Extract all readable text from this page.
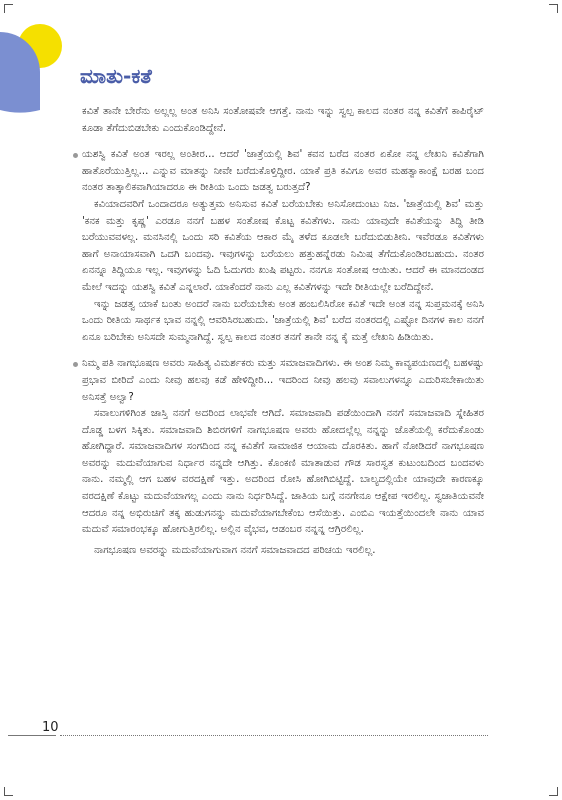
ಮಾತು-ಕತೆ

ಕವಿತೆ ತಾನೇ ಬೇರೆನು ಅಲ್ಲಲ್ಲ ಅಂತ ಅನಿಸಿ ಸಂತೋಷವೇ ಆಗತ್ತೆ. ನಾನು ಇನ್ನು ಸ್ವಲ್ಪ ಕಾಲದ ನಂತರ ನನ್ನ ಕವಿತೆಗೆ ಕಾಪಿರೈಟ್ ಕೂಡಾ ತೆಗೆದುಬಿಡಬೇಕು ಎಂದುಕೊಂಡಿದ್ದೇನೆ.

ಯಶಸ್ವಿ ಕವಿತೆ ಅಂತ ಇರಲ್ಲ ಅಂತೀರ... ಆದರೆ 'ಜಾತ್ರೆಯಲ್ಲಿ ಶಿವ' ಕವನ ಬರೆದ ನಂತರ ಏಕೋ ನನ್ನ ಲೇಖನಿ ಕವಿತೆಗಾಗಿ ಹಾತೊರೆಯುತ್ತಿಲ್ಲ... ಎನ್ನುವ ಮಾತನ್ನು ನೀವೇ ಬರೆದುಕೊಳ್ತಿದ್ದೀರ. ಯಾಕೆ ಪ್ರತಿ ಕವಿಗೂ ಅವರ ಮಹತ್ವಾಕಾಂಕ್ಷೆ ಬರಹ ಬಂದ ನಂತರ ತಾತ್ಕಾಲಿಕವಾಗಿಯಾದರೂ ಈ ರೀತಿಯ ಒಂದು ಜಡತ್ವ ಬರುತ್ತದೆ?

ಕವಿಯಾದವರಿಗೆ ಒಂದಾದರೂ ಅತ್ಯುತ್ತಮ ಅನಿಸುವ ಕವಿತೆ ಬರೆಯಬೇಕು ಅನಿಸೋದುಂಟು ನಿಜ. 'ಜಾತ್ರೆಯಲ್ಲಿ ಶಿವ' ಮತ್ತು 'ಕನಕ ಮತ್ತು ಕೃಷ್ಣ' ಎರಡೂ ನನಗೆ ಬಹಳ ಸಂತೋಷ ಕೊಟ್ಟ ಕವಿತೆಗಳು. ನಾನು ಯಾವುದೇ ಕವಿತೆಯನ್ನು ತಿದ್ದಿ ತೀಡಿ ಬರೆಯುವವಳಲ್ಲ. ಮನಸಿನಲ್ಲಿ ಒಂದು ಸರಿ ಕವಿತೆಯ ಆಕಾರ ಮೈ ತಳೆದ ಕೂಡಲೇ ಬರೆದುಬಿಡುತೀನಿ. ಇವೆರಡೂ ಕವಿತೆಗಳು ಹಾಗೆ ಅನಾಯಾಸವಾಗಿ ಒದಗಿ ಬಂದವು. ಇವುಗಳನ್ನು ಬರೆಯಲು ಹತ್ತುಹನ್ನೆರಡು ನಿಮಿಷ ತೆಗೆದುಕೊಂಡಿರಬಹುದು. ನಂತರ ಏನನ್ನೂ ತಿದ್ದಿಯೂ ಇಲ್ಲ. ಇವುಗಳನ್ನು ಓದಿ ಓದುಗರು ಖುಷಿ ಪಟ್ಟರು. ನನಗೂ ಸಂತೋಷ ಆಯಿತು. ಆದರೆ ಈ ಮಾನದಂಡದ ಮೇಲೆ ಇದನ್ನು ಯಶಸ್ವಿ ಕವಿತೆ ಎನ್ನಲಾರೆ. ಯಾಕೆಂದರೆ ನಾನು ಎಲ್ಲ ಕವಿತೆಗಳನ್ನು ಇದೇ ರೀತಿಯಲ್ಲೇ ಬರೆದಿದ್ದೇನೆ.

ಇನ್ನು ಜಡತ್ವ ಯಾಕೆ ಬಂತು ಅಂದರೆ ನಾನು ಬರೆಯಬೇಕು ಅಂತ ಹಂಬಲಿಸಿರೋ ಕವಿತೆ ಇದೇ ಅಂತ ನನ್ನ ಸುಪ್ತಮನಕ್ಕೆ ಅನಿಸಿ ಒಂದು ರೀತಿಯ ಸಾರ್ಥಕ ಭಾವ ನನ್ನಲ್ಲಿ ಆವರಿಸಿರಬಹುದು. 'ಜಾತ್ರೆಯಲ್ಲಿ ಶಿವ' ಬರೆದ ನಂತರದಲ್ಲಿ ಎಷ್ಟೋ ದಿನಗಳ ಕಾಲ ನನಗೆ ಏನೂ ಬರಿಬೇಕು ಅನಿಸದೇ ಸುಮ್ಮನಾಗಿದ್ದೆ. ಸ್ವಲ್ಪ ಕಾಲದ ನಂತರ ತನಗೆ ತಾನೇ ನನ್ನ ಕೈ ಮತ್ತೆ ಲೇಖನಿ ಹಿಡಿಯಿತು.

ನಿಮ್ಮ ಪತಿ ನಾಗಭೂಷಣ ಅವರು ಸಾಹಿತ್ಯ ವಿಮರ್ಶಕರು ಮತ್ತು ಸಮಾಜವಾದಿಗಳು. ಈ ಅಂಶ ನಿಮ್ಮ ಕಾವ್ಯಪಯಣದಲ್ಲಿ ಬಹಳಷ್ಟು ಪ್ರಭಾವ ಬೀರಿದೆ ಎಂದು ನೀವು ಹಲವು ಕಡೆ ಹೇಳಿದ್ದೀರಿ... ಇದರಿಂದ ನೀವು ಹಲವು ಸವಾಲುಗಳನ್ನೂ ಎದುರಿಸಬೇಕಾಯಿತು ಅನಿಸತ್ತೆ ಅಲ್ವಾ?

ಸವಾಲುಗಳಿಗಿಂತ ಜಾಸ್ತಿ ನನಗೆ ಅದರಿಂದ ಲಾಭವೇ ಆಗಿದೆ. ಸಮಾಜವಾದಿ ಪಡೆಯಿಂದಾಗಿ ನನಗೆ ಸಮಾಜವಾದಿ ಸ್ನೇಹಿತರ ದೊಡ್ಡ ಬಳಗ ಸಿಕ್ಕಿತು. ಸಮಾಜವಾದಿ ಶಿಬಿರಗಳಿಗೆ ನಾಗಭೂಷಣ ಅವರು ಹೋದಲ್ಲೆಲ್ಲ ನನ್ನನ್ನು ಜೊತೆಯಲ್ಲಿ ಕರೆದುಕೊಂಡು ಹೋಗಿದ್ದಾರೆ. ಸಮಾಜವಾದಿಗಳ ಸಂಗದಿಂದ ನನ್ನ ಕವಿತೆಗೆ ಸಾಮಾಜಿಕ ಆಯಾಮ ದೊರಕಿತು. ಹಾಗೆ ನೋಡಿದರೆ ನಾಗಭೂಷಣ ಅವರನ್ನು ಮದುವೆಯಾಗುವ ನಿರ್ಧಾರ ನನ್ನದೇ ಆಗಿತ್ತು. ಕೊಂಕಣಿ ಮಾತಾಡುವ ಗೌಡ ಸಾರಸ್ವತ ಕುಟುಂಬದಿಂದ ಬಂದವಳು ನಾನು. ನಮ್ಮಲ್ಲಿ ಆಗ ಬಹಳ ವರದಕ್ಷಿಣೆ ಇತ್ತು. ಅದರಿಂದ ರೋಸಿ ಹೋಗಿಬಿಟ್ಟಿದ್ದೆ. ಬಾಲ್ಯದಲ್ಲಿಯೇ ಯಾವುದೇ ಕಾರಣಕ್ಕೂ ವರದಕ್ಷಿಣೆ ಕೊಟ್ಟು ಮದುವೆಯಾಗಲ್ಲ ಎಂದು ನಾನು ನಿರ್ಧರಿಸಿದ್ದೆ. ಜಾತಿಯ ಬಗ್ಗೆ ನನಗೇನೂ ಆಕ್ಷೇಪ ಇರಲಿಲ್ಲ. ಸ್ವಜಾತಿಯವನೇ ಆದರೂ ನನ್ನ ಅಭಿರುಚಿಗೆ ತಕ್ಕ ಹುಡುಗನನ್ನು ಮದುವೆಯಾಗಬೇಕೆಂಬ ಆಸೆಯಿತ್ತು. ಎಂಬಿಎ ಇಯತ್ತೆಯಿಂದಲೇ ನಾನು ಯಾವ ಮದುವೆ ಸಮಾರಂಭಕ್ಕೂ ಹೋಗುತ್ತಿರಲಿಲ್ಲ. ಅಲ್ಲಿನ ವೈಭವ, ಆಡಂಬರ ನನ್ನನ್ನ ಆಗ್ರಿರಲಿಲ್ಲ.

ನಾಗಭೂಷಣ ಅವರನ್ನು ಮದುವೆಯಾಗುವಾಗ ನನಗೆ ಸಮಾಜವಾದದ ಪರಿಚಯ ಇರಲಿಲ್ಲ.

10
